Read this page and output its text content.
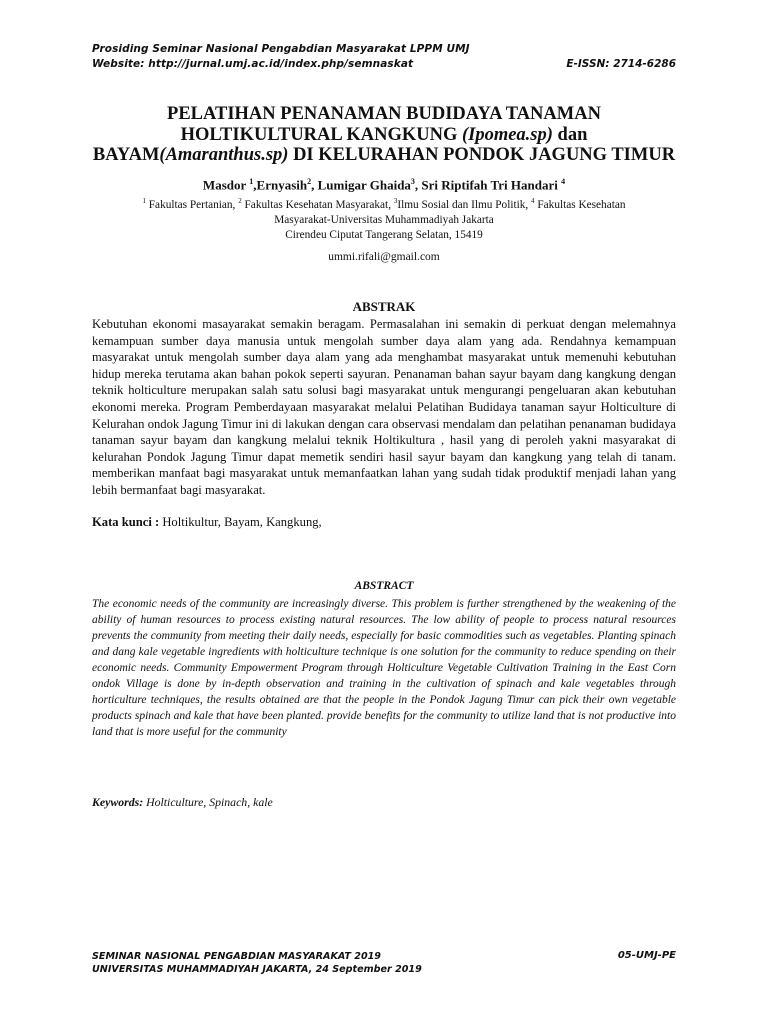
Prosiding Seminar Nasional Pengabdian Masyarakat LPPM UMJ
Website: http://jurnal.umj.ac.id/index.php/semnaskat	E-ISSN: 2714-6286
PELATIHAN PENANAMAN BUDIDAYA TANAMAN
HOLTIKULTURAL KANGKUNG (Ipomea.sp) dan
BAYAM(Amaranthus.sp) DI KELURAHAN PONDOK JAGUNG TIMUR
Masdor $^1$,Ernyasih$^2$, Lumigar Ghaida$^3$, Sri Riptifah Tri Handari $^4$
$^1$ Fakultas Pertanian, $^2$ Fakultas Kesehatan Masyarakat, $^3$Ilmu Sosial dan Ilmu Politik, $^4$ Fakultas Kesehatan
Masyarakat-Universitas Muhammadiyah Jakarta
Cirendeu Ciputat Tangerang Selatan, 15419
ummi.rifali@gmail.com
ABSTRAK
Kebutuhan ekonomi masayarakat semakin beragam. Permasalahan ini semakin di perkuat dengan melemahnya kemampuan sumber daya manusia untuk mengolah sumber daya alam yang ada. Rendahnya kemampuan masyarakat untuk mengolah sumber daya alam yang ada menghambat masyarakat untuk memenuhi kebutuhan hidup mereka terutama akan bahan pokok seperti sayuran. Penanaman bahan sayur bayam dang kangkung dengan teknik holticulture merupakan salah satu solusi bagi masyarakat untuk mengurangi pengeluaran akan kebutuhan ekonomi mereka. Program Pemberdayaan masyarakat melalui Pelatihan Budidaya tanaman sayur Holticulture di Kelurahan ondok Jagung Timur ini di lakukan dengan cara observasi mendalam dan pelatihan penanaman budidaya tanaman sayur bayam dan kangkung melalui teknik Holtikultura , hasil yang di peroleh yakni masyarakat di kelurahan Pondok Jagung Timur dapat memetik sendiri hasil sayur bayam dan kangkung yang telah di tanam. memberikan manfaat bagi masyarakat untuk memanfaatkan lahan yang sudah tidak produktif menjadi lahan yang lebih bermanfaat bagi masyarakat.
Kata kunci : Holtikultur, Bayam, Kangkung,
ABSTRACT
The economic needs of the community are increasingly diverse. This problem is further strengthened by the weakening of the ability of human resources to process existing natural resources. The low ability of people to process natural resources prevents the community from meeting their daily needs, especially for basic commodities such as vegetables. Planting spinach and dang kale vegetable ingredients with holticulture technique is one solution for the community to reduce spending on their economic needs. Community Empowerment Program through Holticulture Vegetable Cultivation Training in the East Corn ondok Village is done by in-depth observation and training in the cultivation of spinach and kale vegetables through horticulture techniques, the results obtained are that the people in the Pondok Jagung Timur can pick their own vegetable products spinach and kale that have been planted. provide benefits for the community to utilize land that is not productive into land that is more useful for the community
Keywords: Holticulture, Spinach, kale
SEMINAR NASIONAL PENGABDIAN MASYARAKAT 2019
UNIVERSITAS MUHAMMADIYAH JAKARTA, 24 September 2019
05-UMJ-PE
